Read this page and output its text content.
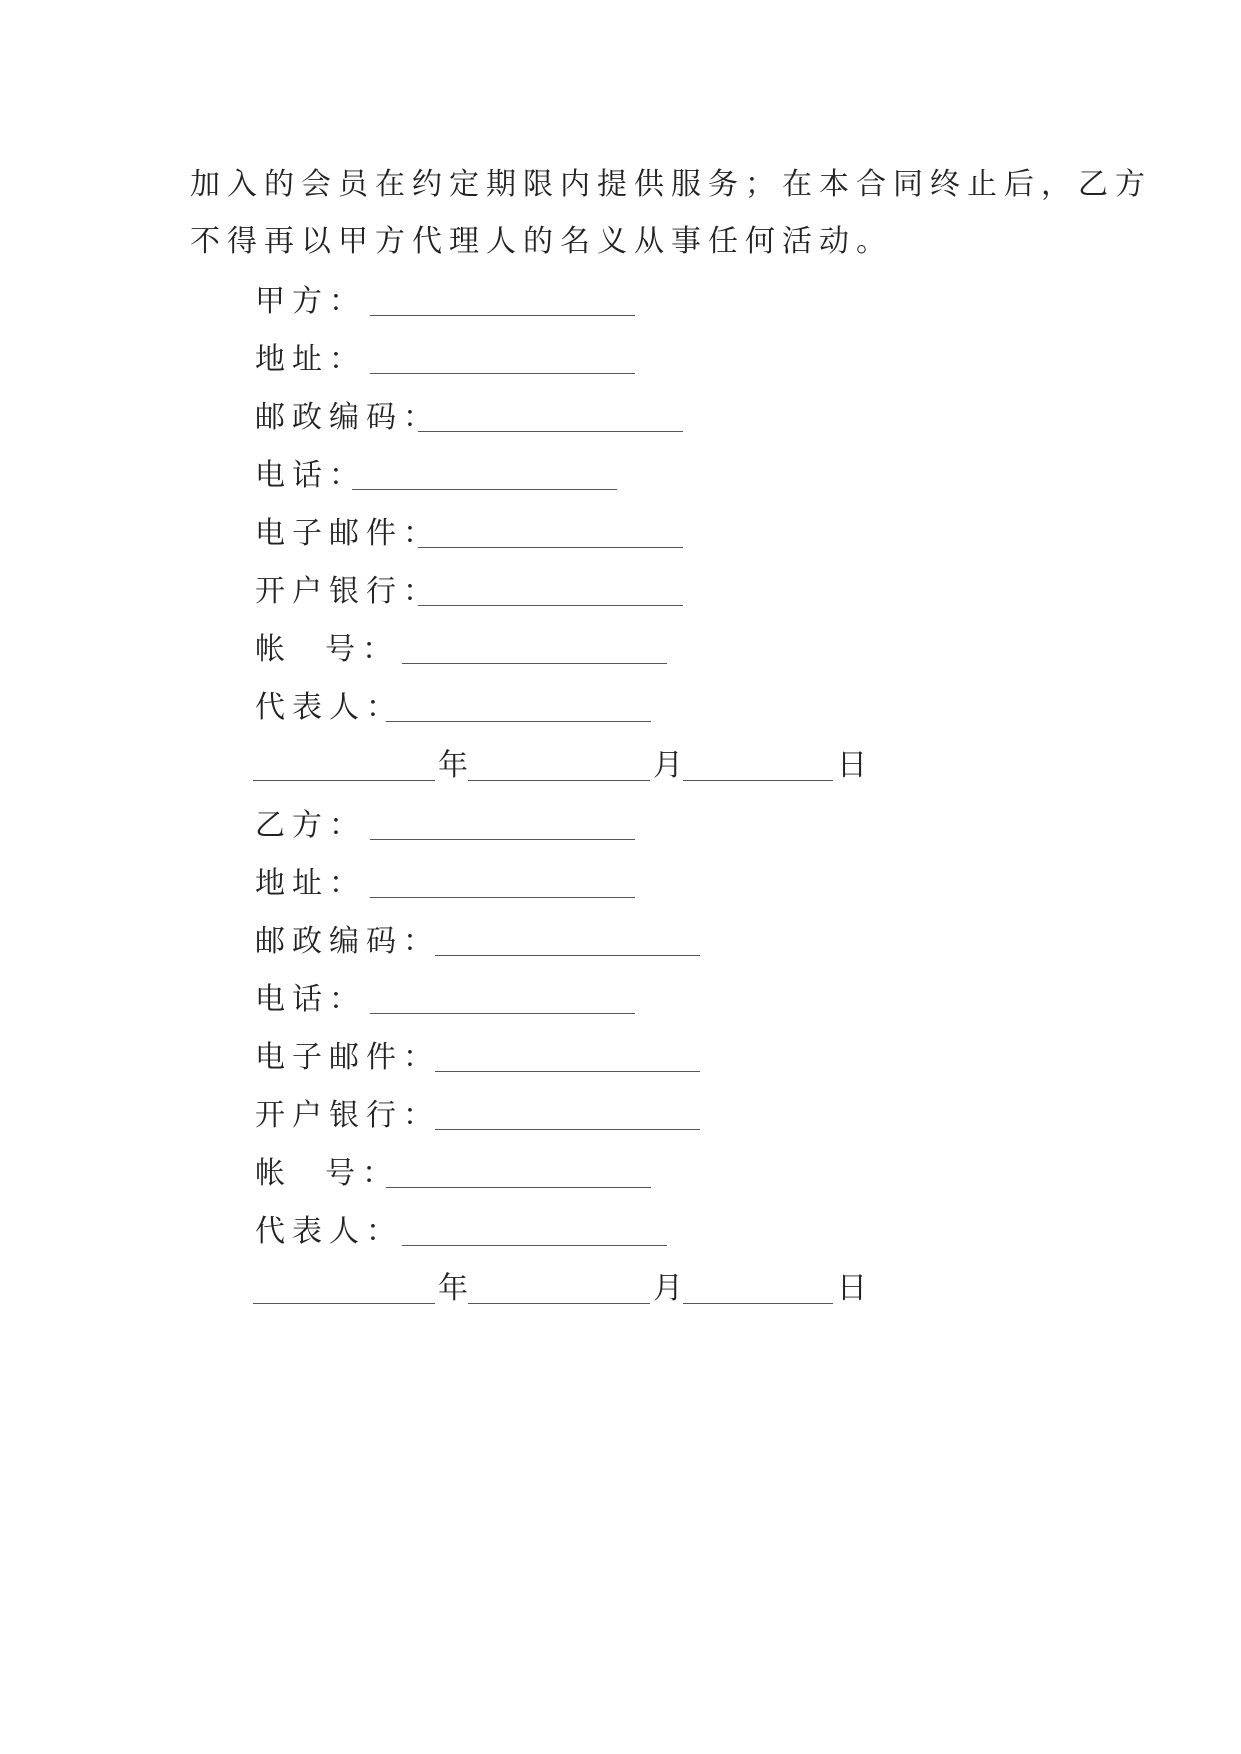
加入的会员在约定期限内提供服务；在本合同终止后，乙方
不得再以甲方代理人的名义从事任何活动。
甲方：
地址：
邮政编码：
电话：
电子邮件：
开户银行：
帐  号：
代表人：
年	月	日
乙方：
地址：
邮政编码：
电话：
电子邮件：
开户银行：
帐  号：
代表人：
年	月	日
